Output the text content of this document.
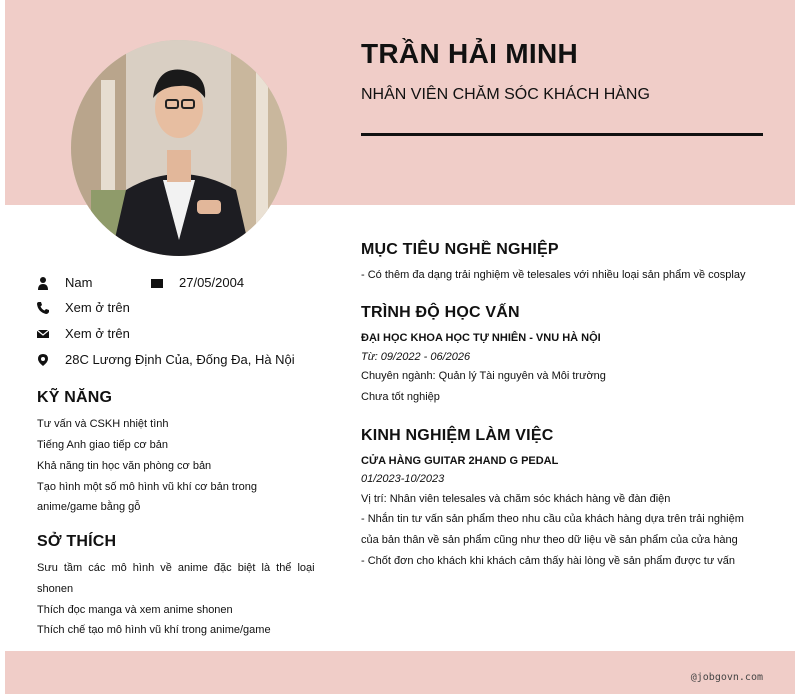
TRẦN HẢI MINH
NHÂN VIÊN CHĂM SÓC KHÁCH HÀNG
Nam	27/05/2004
Xem ở trên
Xem ở trên
28C Lương Định Của, Đống Đa, Hà Nội
KỸ NĂNG
Tư vấn và CSKH nhiệt tình
Tiếng Anh giao tiếp cơ bản
Khả năng tin học văn phòng cơ bản
Tạo hình một số mô hình vũ khí cơ bản trong
anime/game bằng gỗ
SỞ THÍCH
Sưu tầm các mô hình về anime đặc biệt là thể loại
shonen
Thích đọc manga và xem anime shonen
Thích chế tạo mô hình vũ khí trong anime/game
MỤC TIÊU NGHỀ NGHIỆP
- Có thêm đa dạng trải nghiệm về telesales với nhiều loại sản phẩm về cosplay
TRÌNH ĐỘ HỌC VẤN
ĐẠI HỌC KHOA HỌC TỰ NHIÊN - VNU HÀ NỘI
Từ: 09/2022 - 06/2026
Chuyên ngành: Quản lý Tài nguyên và Môi trường
Chưa tốt nghiệp
KINH NGHIỆM LÀM VIỆC
CỬA HÀNG GUITAR 2HAND G PEDAL
01/2023-10/2023
Vị trí: Nhân viên telesales và chăm sóc khách hàng về đàn điện
- Nhắn tin tư vấn sản phẩm theo nhu cầu của khách hàng dựa trên trải nghiệm
của bản thân về sản phẩm cũng như theo dữ liệu về sản phẩm của cửa hàng
- Chốt đơn cho khách khi khách cảm thấy hài lòng về sản phẩm được tư vấn
@jobgovn.com
